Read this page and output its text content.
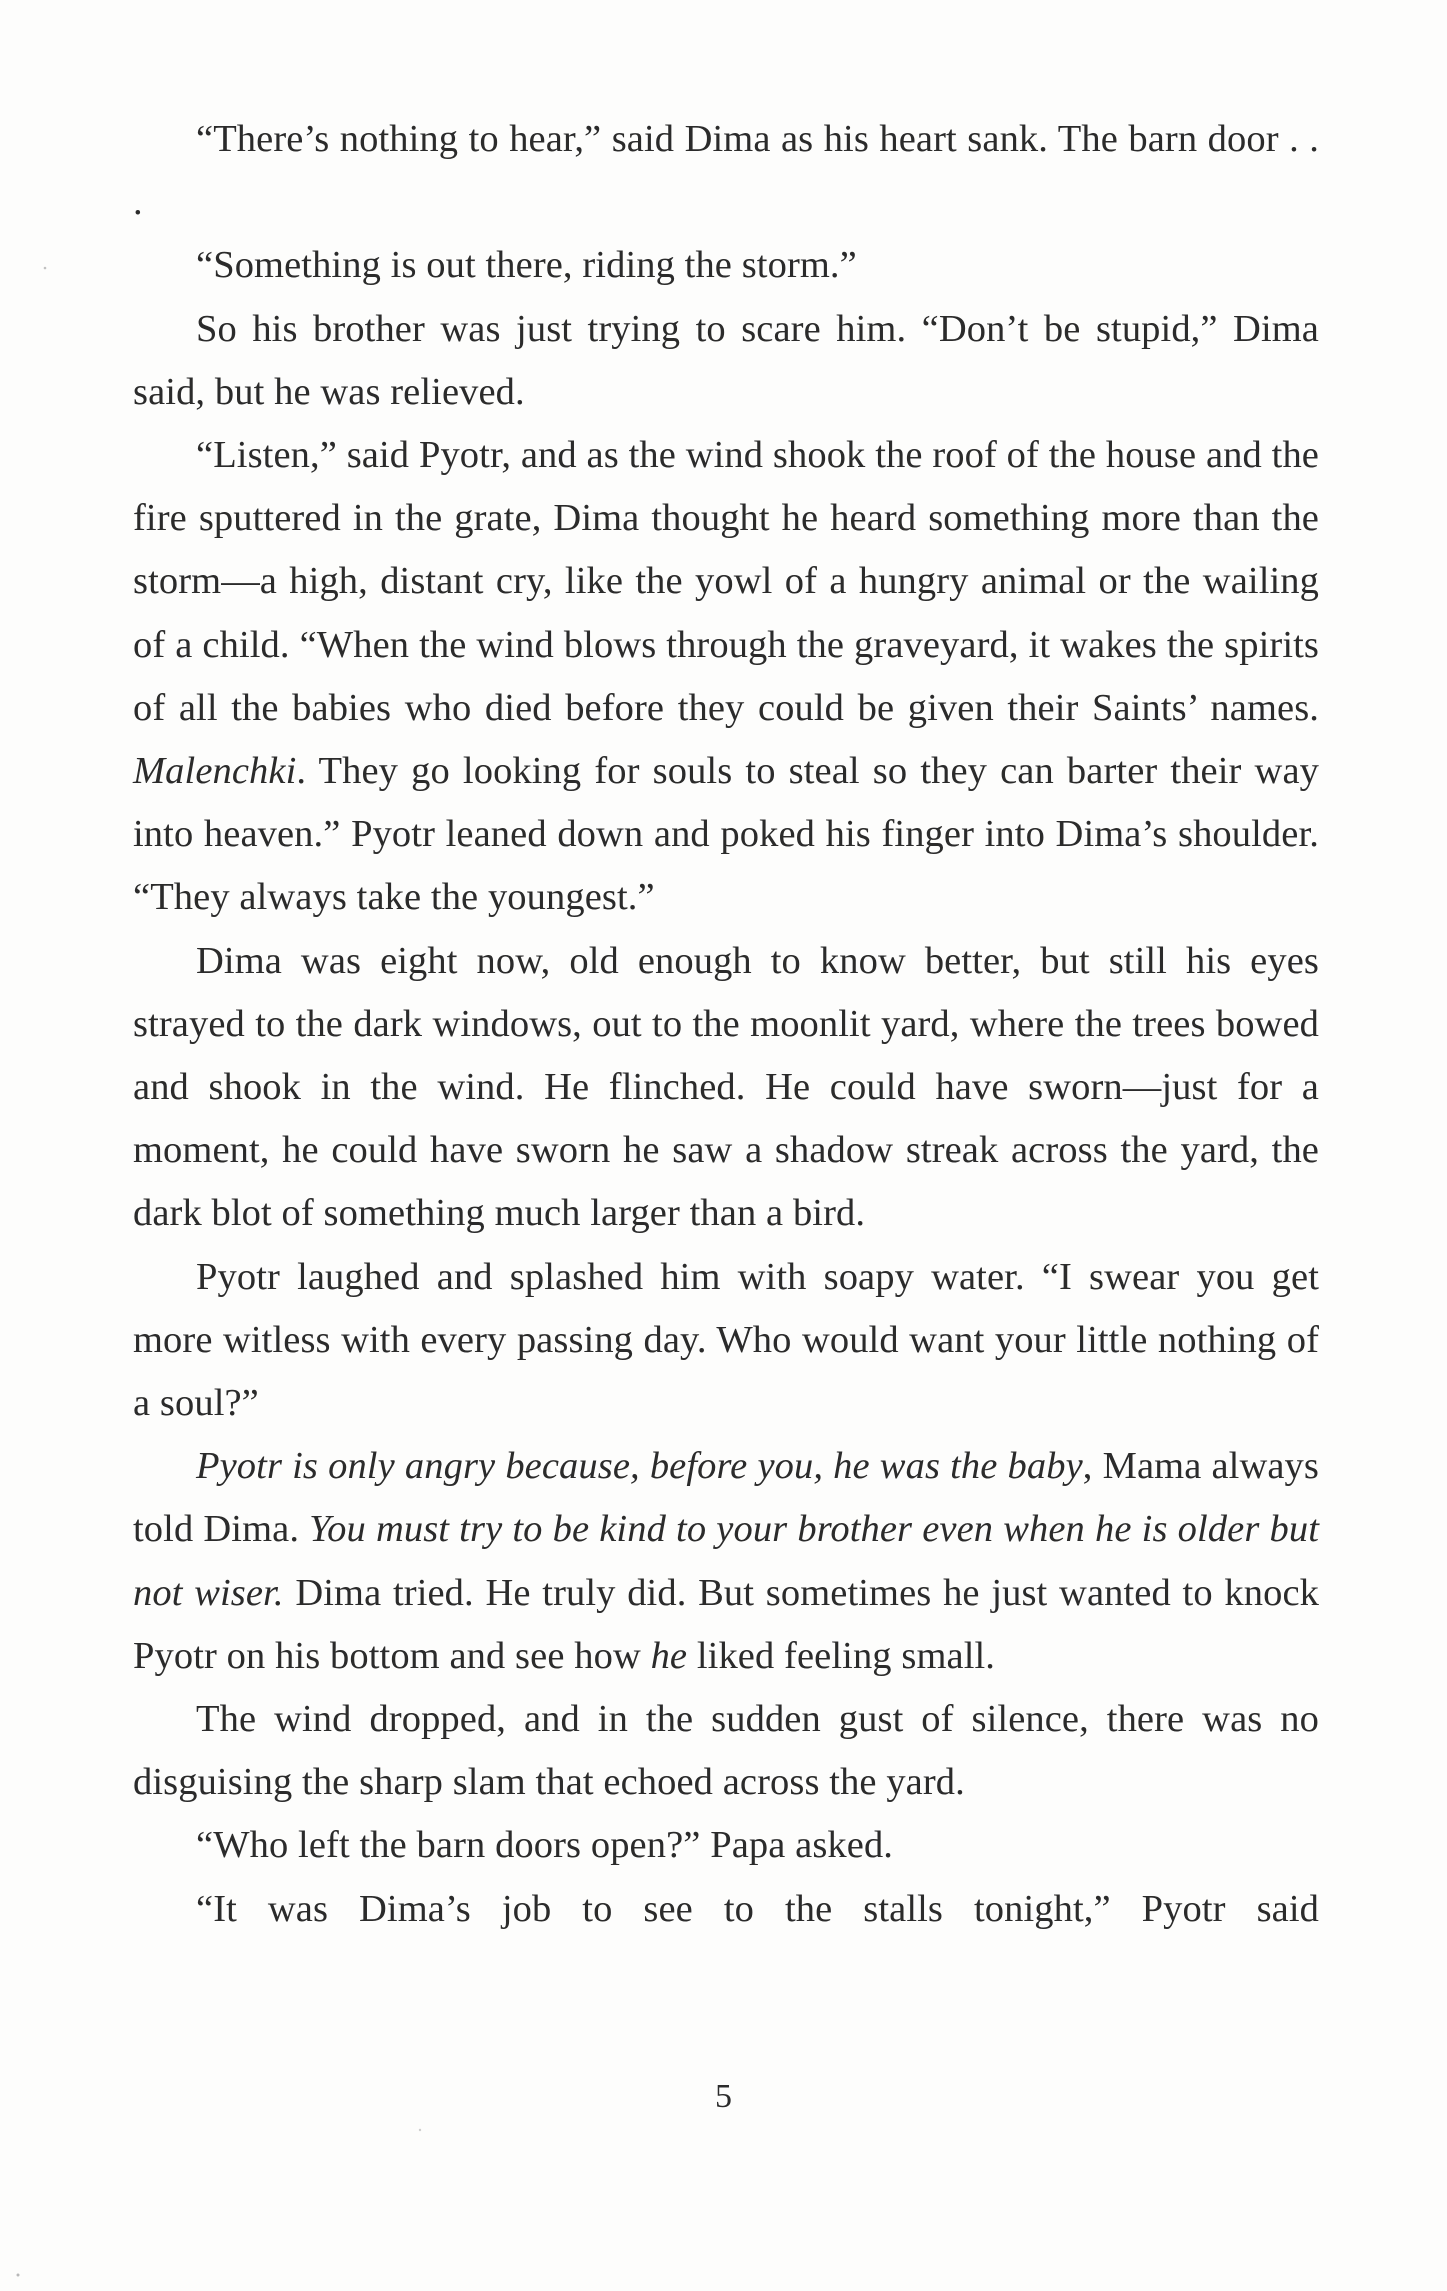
“There’s nothing to hear,” said Dima as his heart sank. The barn door . . .

“Something is out there, riding the storm.”

So his brother was just trying to scare him. “Don’t be stupid,” Dima said, but he was relieved.

“Listen,” said Pyotr, and as the wind shook the roof of the house and the fire sputtered in the grate, Dima thought he heard something more than the storm—a high, distant cry, like the yowl of a hungry animal or the wailing of a child. “When the wind blows through the graveyard, it wakes the spirits of all the babies who died before they could be given their Saints’ names. Malenchki. They go looking for souls to steal so they can barter their way into heaven.” Pyotr leaned down and poked his finger into Dima’s shoulder. “They always take the youngest.”

Dima was eight now, old enough to know better, but still his eyes strayed to the dark windows, out to the moonlit yard, where the trees bowed and shook in the wind. He flinched. He could have sworn—just for a moment, he could have sworn he saw a shadow streak across the yard, the dark blot of something much larger than a bird.

Pyotr laughed and splashed him with soapy water. “I swear you get more witless with every passing day. Who would want your little nothing of a soul?”

Pyotr is only angry because, before you, he was the baby, Mama always told Dima. You must try to be kind to your brother even when he is older but not wiser. Dima tried. He truly did. But sometimes he just wanted to knock Pyotr on his bottom and see how he liked feeling small.

The wind dropped, and in the sudden gust of silence, there was no disguising the sharp slam that echoed across the yard.

“Who left the barn doors open?” Papa asked.

“It was Dima’s job to see to the stalls tonight,” Pyotr said

5
